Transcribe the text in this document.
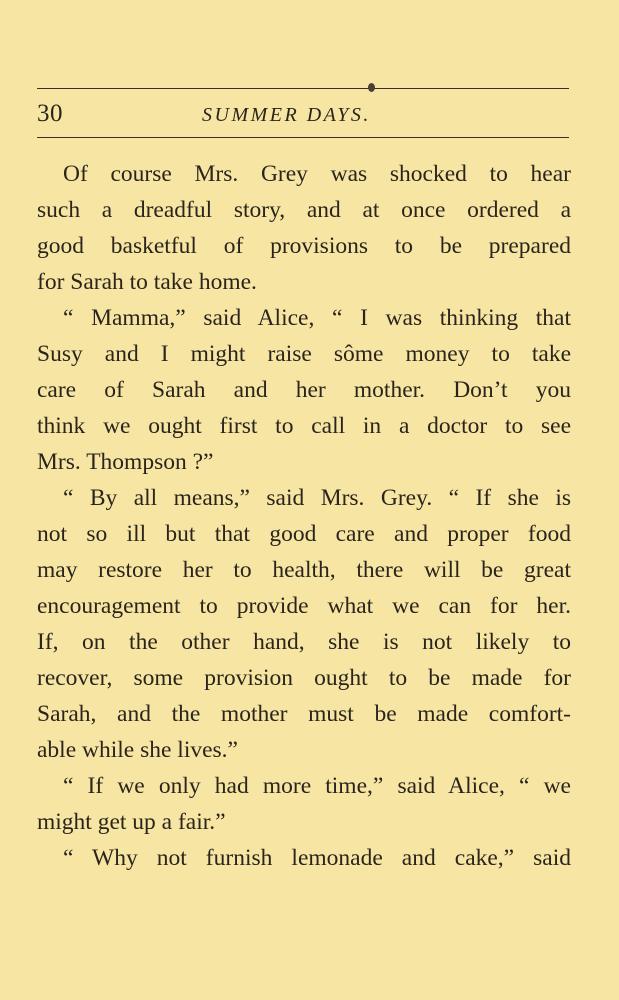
30	SUMMER DAYS.
Of course Mrs. Grey was shocked to hear
such a dreadful story, and at once ordered a
good basketful of provisions to be prepared
for Sarah to take home.
“ Mamma,” said Alice, “ I was thinking that
Susy and I might raise sôme money to take
care of Sarah and her mother. Don’t you
think we ought first to call in a doctor to see
Mrs. Thompson ?”
“ By all means,” said Mrs. Grey. “ If she is
not so ill but that good care and proper food
may restore her to health, there will be great
encouragement to provide what we can for her.
If, on the other hand, she is not likely to
recover, some provision ought to be made for
Sarah, and the mother must be made comfort-
able while she lives.”
“ If we only had more time,” said Alice, “ we
might get up a fair.”
“ Why not furnish lemonade and cake,” said
